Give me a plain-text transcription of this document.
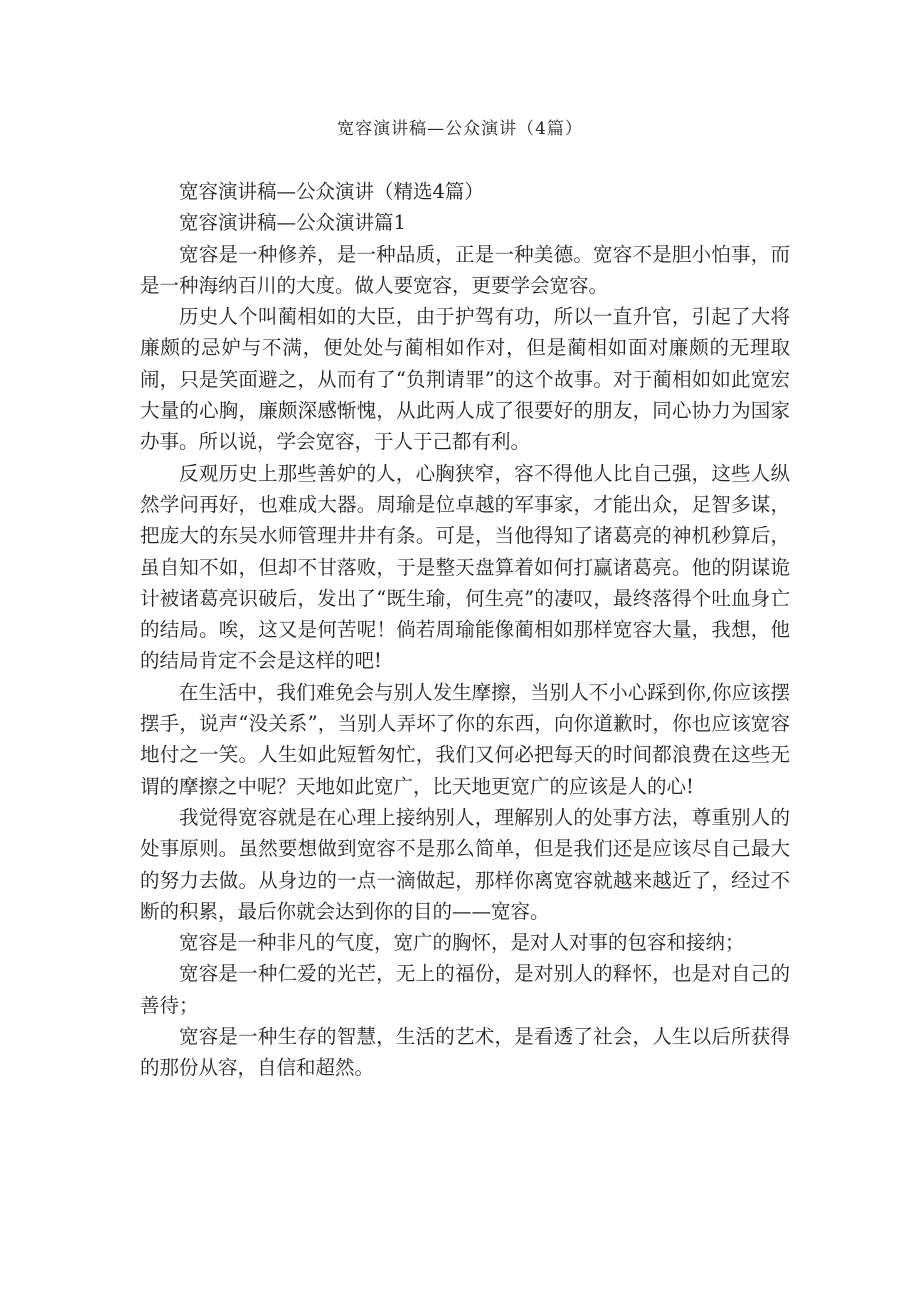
宽容演讲稿—公众演讲（4篇）

宽容演讲稿—公众演讲（精选4篇）

宽容演讲稿—公众演讲篇1

宽容是一种修养，是一种品质，正是一种美德。宽容不是胆小怕事，而是一种海纳百川的大度。做人要宽容，更要学会宽容。

历史人个叫蔺相如的大臣，由于护驾有功，所以一直升官，引起了大将廉颇的忌妒与不满，便处处与蔺相如作对，但是蔺相如面对廉颇的无理取闹，只是笑面避之，从而有了“负荆请罪”的这个故事。对于蔺相如如此宽宏大量的心胸，廉颇深感惭愧，从此两人成了很要好的朋友，同心协力为国家办事。所以说，学会宽容，于人于己都有利。

反观历史上那些善妒的人，心胸狭窄，容不得他人比自己强，这些人纵然学问再好，也难成大器。周瑜是位卓越的军事家，才能出众，足智多谋，把庞大的东吴水师管理井井有条。可是，当他得知了诸葛亮的神机秒算后，虽自知不如，但却不甘落败，于是整天盘算着如何打赢诸葛亮。他的阴谋诡计被诸葛亮识破后，发出了“既生瑜，何生亮”的凄叹，最终落得个吐血身亡的结局。唉，这又是何苦呢！倘若周瑜能像蔺相如那样宽容大量，我想，他的结局肯定不会是这样的吧!

在生活中，我们难免会与别人发生摩擦，当别人不小心踩到你,你应该摆摆手，说声“没关系”，当别人弄坏了你的东西，向你道歉时，你也应该宽容地付之一笑。人生如此短暂匆忙，我们又何必把每天的时间都浪费在这些无谓的摩擦之中呢？天地如此宽广，比天地更宽广的应该是人的心!

我觉得宽容就是在心理上接纳别人，理解别人的处事方法，尊重别人的处事原则。虽然要想做到宽容不是那么简单，但是我们还是应该尽自己最大的努力去做。从身边的一点一滴做起，那样你离宽容就越来越近了，经过不断的积累，最后你就会达到你的目的——宽容。

宽容是一种非凡的气度，宽广的胸怀，是对人对事的包容和接纳；

宽容是一种仁爱的光芒，无上的福份，是对别人的释怀，也是对自己的善待；

宽容是一种生存的智慧，生活的艺术，是看透了社会，人生以后所获得的那份从容，自信和超然。
